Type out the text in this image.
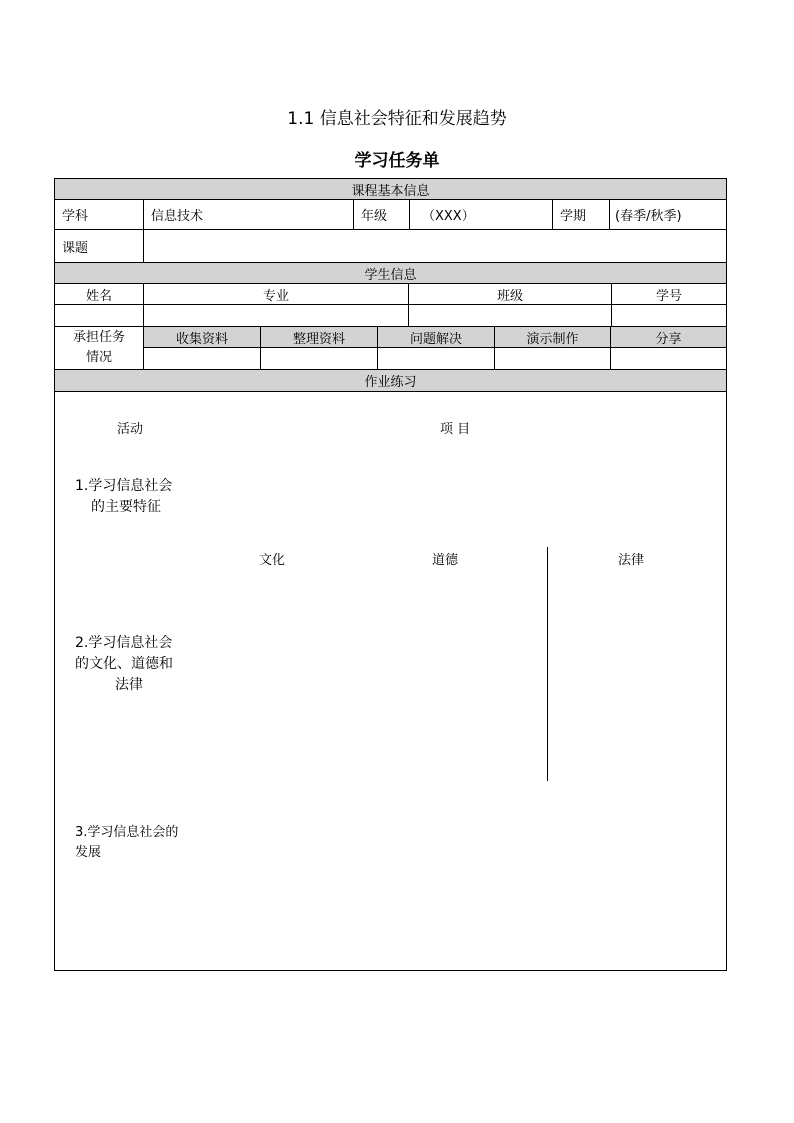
1.1 信息社会特征和发展趋势
学习任务单
课程基本信息
学科	信息技术	年级	（XXX）	学期	(春季/秋季)
课题
学生信息
姓名	专业	班级	学号
承担任务
情况
收集资料	整理资料	问题解决	演示制作	分享
作业练习
活动	项 目
1.学习信息社会
的主要特征
文化	道德	法律
2.学习信息社会
的文化、道德和
法律
3.学习信息社会的
发展
